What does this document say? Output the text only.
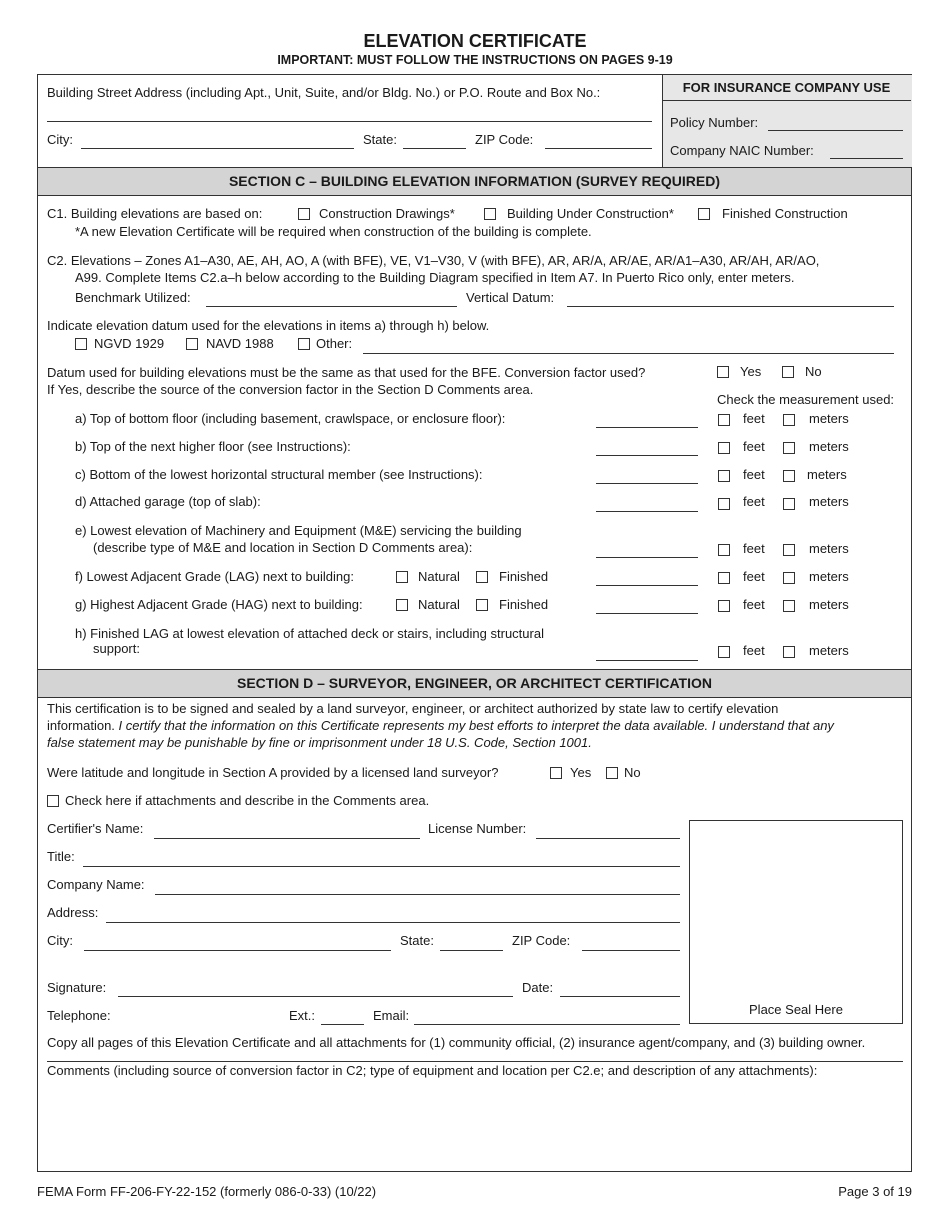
ELEVATION CERTIFICATE
IMPORTANT: MUST FOLLOW THE INSTRUCTIONS ON PAGES 9-19
Building Street Address (including Apt., Unit, Suite, and/or Bldg. No.) or P.O. Route and Box No.:
City:	State:	ZIP Code:
FOR INSURANCE COMPANY USE
Policy Number:
Company NAIC Number:
SECTION C – BUILDING ELEVATION INFORMATION (SURVEY REQUIRED)
C1. Building elevations are based on:	Construction Drawings*	Building Under Construction*	Finished Construction
*A new Elevation Certificate will be required when construction of the building is complete.
C2. Elevations – Zones A1–A30, AE, AH, AO, A (with BFE), VE, V1–V30, V (with BFE), AR, AR/A, AR/AE, AR/A1–A30, AR/AH, AR/AO,
A99. Complete Items C2.a–h below according to the Building Diagram specified in Item A7. In Puerto Rico only, enter meters.
Benchmark Utilized:	Vertical Datum:
Indicate elevation datum used for the elevations in items a) through h) below.
NGVD 1929	NAVD 1988	Other:
Datum used for building elevations must be the same as that used for the BFE. Conversion factor used?
If Yes, describe the source of the conversion factor in the Section D Comments area.
Yes	No
Check the measurement used:
a) Top of bottom floor (including basement, crawlspace, or enclosure floor):	feet	meters
b) Top of the next higher floor (see Instructions):	feet	meters
c) Bottom of the lowest horizontal structural member (see Instructions):	feet	meters
d) Attached garage (top of slab):	feet	meters
e) Lowest elevation of Machinery and Equipment (M&E) servicing the building
(describe type of M&E and location in Section D Comments area):	feet	meters
f) Lowest Adjacent Grade (LAG) next to building:	Natural	Finished	feet	meters
g) Highest Adjacent Grade (HAG) next to building:	Natural	Finished	feet	meters
h) Finished LAG at lowest elevation of attached deck or stairs, including structural
support:	feet	meters
SECTION D – SURVEYOR, ENGINEER, OR ARCHITECT CERTIFICATION
This certification is to be signed and sealed by a land surveyor, engineer, or architect authorized by state law to certify elevation
information. I certify that the information on this Certificate represents my best efforts to interpret the data available. I understand that any
false statement may be punishable by fine or imprisonment under 18 U.S. Code, Section 1001.
Were latitude and longitude in Section A provided by a licensed land surveyor?	Yes	No
Check here if attachments and describe in the Comments area.
Certifier's Name:	License Number:
Title:
Company Name:
Address:
City:	State:	ZIP Code:
Signature:	Date:
Telephone:	Ext.:	Email:	Place Seal Here
Copy all pages of this Elevation Certificate and all attachments for (1) community official, (2) insurance agent/company, and (3) building owner.
Comments (including source of conversion factor in C2; type of equipment and location per C2.e; and description of any attachments):
FEMA Form FF-206-FY-22-152 (formerly 086-0-33) (10/22)	Page 3 of 19
